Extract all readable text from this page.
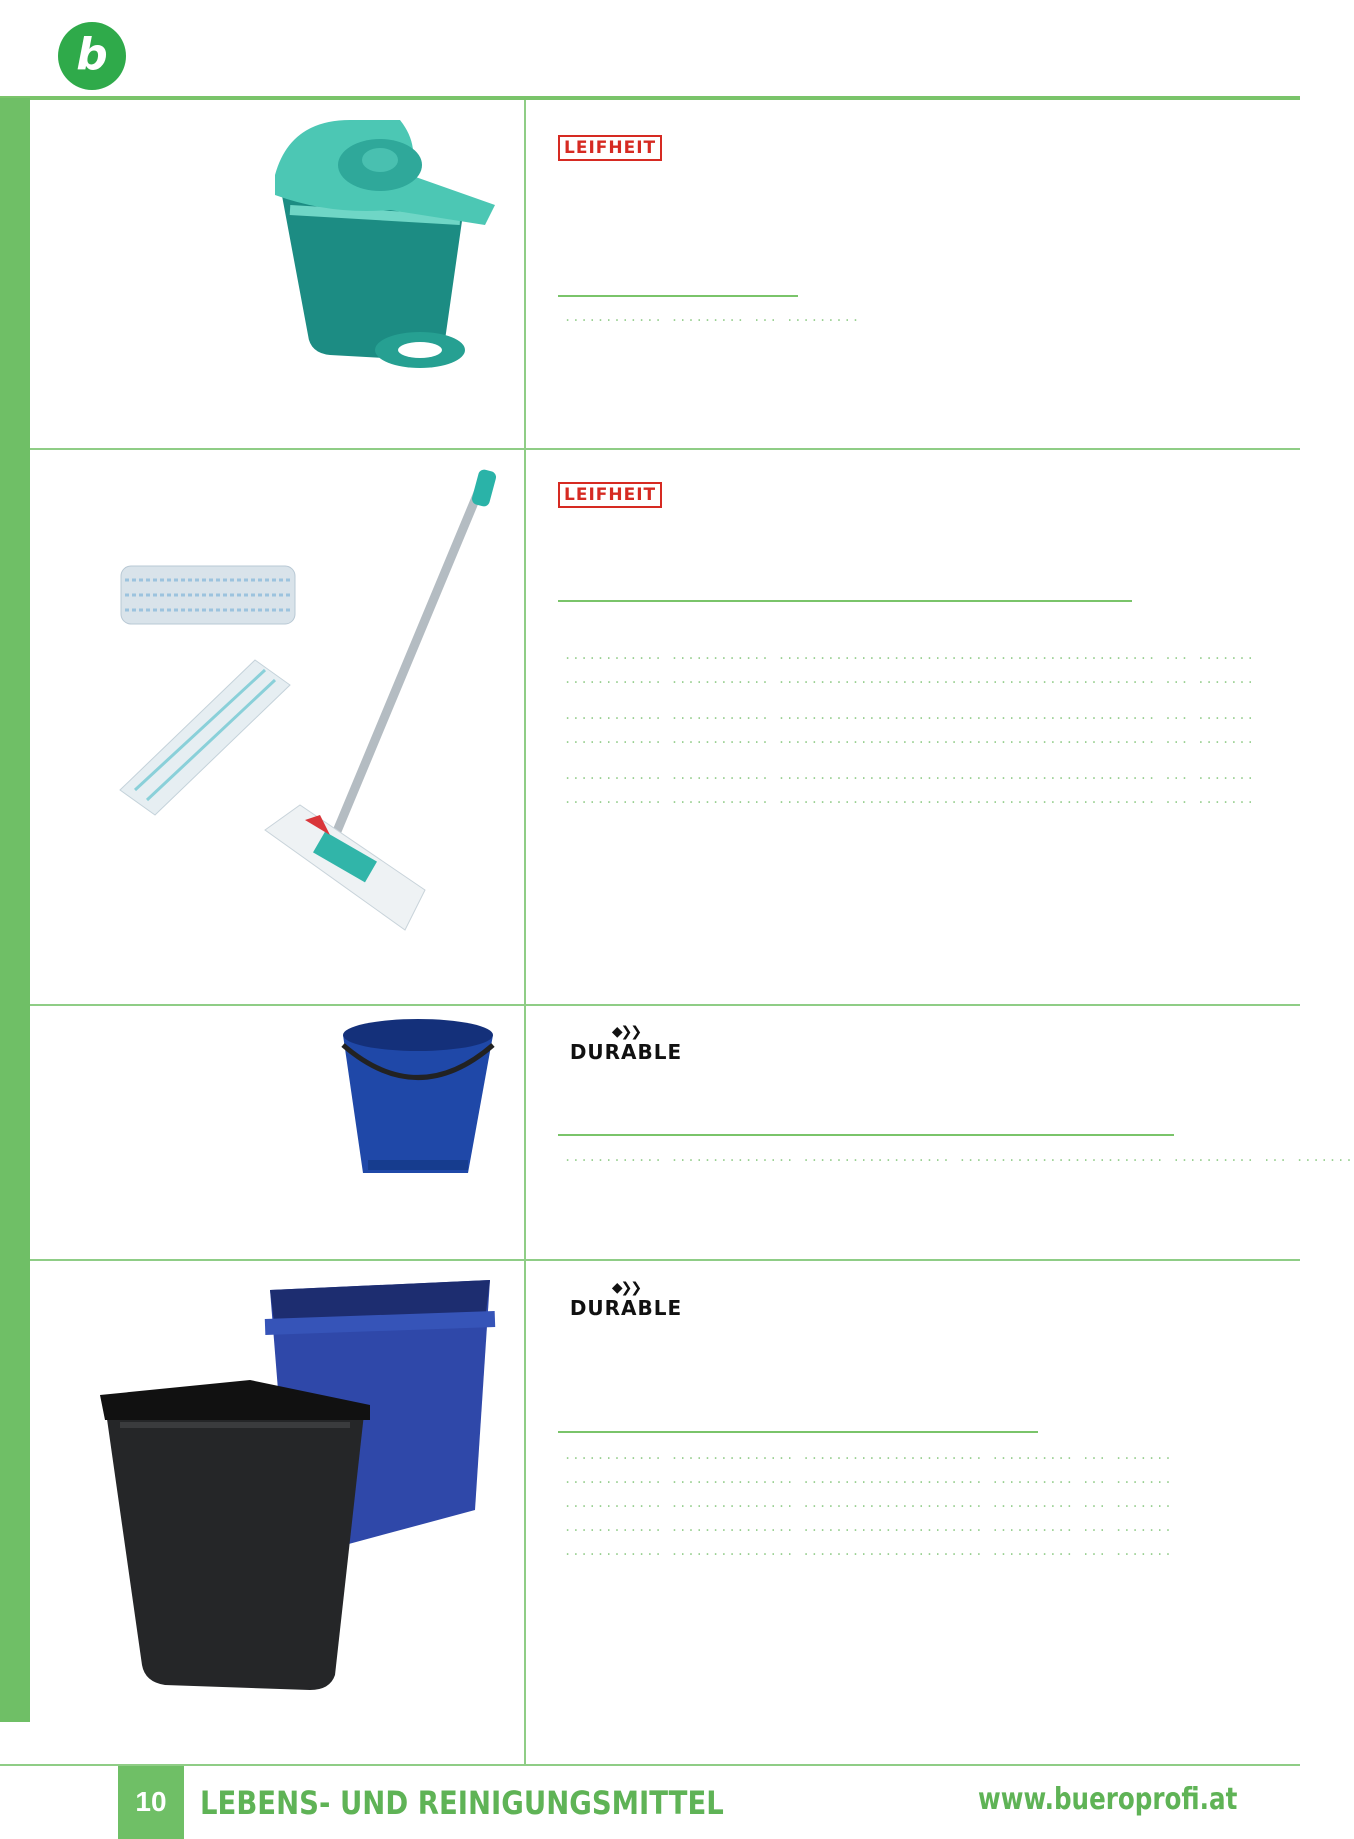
b
LEIFHEIT
............ ......... ... .........
LEIFHEIT
............ ............ .............................................. ... .......
............ ............ .............................................. ... .......
............ ............ .............................................. ... .......
............ ............ .............................................. ... .......
............ ............ .............................................. ... .......
............ ............ .............................................. ... .......
◆❯❯
DURABLE
............ ............... .................. ......................... .......... ... .......
◆❯❯
DURABLE
............ ............... ...................... .......... ... .......
............ ............... ...................... .......... ... .......
............ ............... ...................... .......... ... .......
............ ............... ...................... .......... ... .......
............ ............... ...................... .......... ... .......
10	LEBENS- UND REINIGUNGSMITTEL	www.bueroprofi.at
